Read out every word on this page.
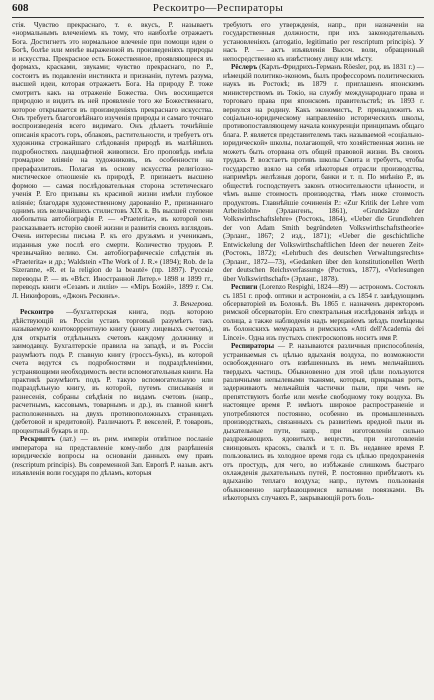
608	Рескоитро—Респираторы

стія. Чувство прекраснаго, т. е. вкусъ, Р. называетъ «нормальнымъ влеченіемъ къ тому, что наиболѣе отражаетъ Бога. Достигнетъ это нормальное влеченіе при помощи идеи о Богѣ, болѣе или менѣе выраженной въ произведеніяхъ природы и искусства. Прекрасное есть Божественное, проявляющееся въ формахъ, красками, звуками; чувство прекраснаго, по Р., состоитъ въ подавленіи инстинкта и признаніи, путемъ разума, высшей идеи, которая отражаетъ Бога. На природу Р. тоже смотритъ какъ на отраженіе Божества. Онъ восхищается природою и видитъ въ ней проявленіе того же Божественнаго, которое открывается въ произведеніяхъ прекраснаго искусства. Онъ требуетъ благоговѣйнаго изученія природы и самаго точнаго воспроизведенія всего видимаго. Онъ дѣлаетъ точнѣйшіе описанія красотъ горъ, облаковъ, растительности, и требуетъ отъ художника строжайшаго слѣдованія природѣ въ малѣйшихъ подробностяхъ ландшафтной живописи. Его проповѣдь имѣла громадное вліяніе на художниковъ, въ особенности на прерафаэлитовъ. Полагая въ основу искусства религіозно-мистическое отношеніе къ природѣ, Р. признаетъ высшею формою — самая послѣдовательная сторона эстетическаго ученія Р. Его призывы къ красивой жизни имѣли глубокое вліяніе; благодаря художественному дарованію Р., признаннаго однимъ изъ величайшихъ стилистовъ XIX в. Въ высшей степени любопытна автобіографія Р. — «Praeterita», въ которой онъ разсказываетъ исторію своей жизни и развитія своихъ взглядовъ. Очень интересны письма Р. къ его друзьямъ и ученикамъ, изданныя уже послѣ его смерти. Количество трудовъ Р. чрезвычайно велико. См. автобіографическіе слѣдствія въ «Praeterita» и др.; Waldstein «The Work of J. R.» (1894); Rob. de la Sizeranne, «R. et la religion de la beauté» (пр. 1897). Русскіе переводы Р. — въ «Вѣст. Иностранной Литер.» 1898 и 1899 гг., переводъ книги «Сезамъ и лиліи» — «Міръ Божій», 1899 г. См. Л. Никифоровъ, «Джонъ Рескинъ».

З. Венгерова.

Рескоитро —бухгалтерская книга, подъ которою дѣйствующій въ Россіи уставъ торговый разумѣетъ такъ называемую контокоррентную книгу (книгу лицевыхъ счетовъ), для открытія отдѣльныхъ счетовъ каждому должнику и заимодавцу. Бухгалтерскіе правила на западѣ, и въ Россіи разумѣютъ подъ Р. главную книгу (гроссъ-букъ), въ которой счета ведутся съ подробностями и подраздѣленіями, устраняющими необходимость вести вспомогательныя книги. На практикѣ разумѣютъ подъ Р. такую вспомогательную или подраздѣльную книгу, въ которой, путемъ списыванія и разнесенія, собраны свѣдѣнія по видамъ счетовъ (напр., расчетнымъ, кассовымъ, товарнымъ и др.), въ главной книгѣ расположенныхъ на двухъ противоположныхъ страницахъ (дебетовой и кредитовой). Различаютъ Р. векселей, Р. товаровъ, процентный букаръ и пр.

Рескриптъ (лат.) — въ рим. имперіи отвѣтное посланіе императора на представленіе кому-либо для разрѣшенія юридическіе вопросы на основаніи данныхъ ему правъ (rescriptum principis). Въ современной Зап. Европѣ Р. назыв. актъ изъявленія воли государя по дѣламъ, которыя

требуютъ его утвержденія, напр., при назначеніи на государственныя должности, при ихъ законодательныхъ установленіяхъ (arrogatio, legitimatio per rescriptum principis). У насъ Р. — актъ изъявленія Высоч. воли, обращенный непосредственно къ извѣстному лицу или мѣсту.

Рёслеръ (Карлъ-Фридрихъ-Германъ Röesler, род. въ 1831 г.) — нѣмецкій политико-экономъ, былъ профессоромъ политическихъ наукъ въ Ростокѣ; въ 1879 г. приглашенъ японскимъ министерствомъ въ Токіо, на службу международнаго права и торговаго права при японскомъ правительствѣ; въ 1893 г. вернулся на родину. Какъ экономистъ, Р. принадлежитъ къ соціально-юридическому направленію историческихъ школы, противопоставляющему начала конкуренціи принципамъ общаго блага. Р. является представителемъ такъ называемой «соціально-юридической» школы, полагающей, что хозяйственная жизнь не можетъ быть оторвана отъ общей правовой жизни. Въ своихъ трудахъ Р. возстаетъ противъ школы Смита и требуетъ, чтобы государство взяло на себя нѣкоторыя отрасли производства, напримѣръ желѣзныя дороги, банки и т. п. По мнѣнію Р., въ обществѣ господствуетъ законъ относительности цѣнности, и чѣмъ выше стоимость производства, тѣмъ ниже стоимость продуктовъ. Главнѣйшіе сочиненія Р.: «Zur Kritik der Lehre vom Arbeitslohn» (Эрлангенъ, 1861), «Grundsätze der Volkswirthschaftslehre» (Ростокъ, 1864), «Ueber die Grundlehren der von Adam Smith begründeten Volkswirthschaftstheorie» (Эрланг., 1867; 2 изд., 1871); «Ueber die geschichtliche Entwickelung der Volkswirthschaftlichen Ideen der neueren Zeit» (Ростокъ, 1872); «Lehrbuch des deutschen Verwaltungsrechts» (Эрланг., 1872—73), «Gedanken über den konstitutionellen Werth der deutschen Reichsverfassung» (Ростокъ, 1877), «Vorlesungen über Volkswirthschaft» (Эрланг., 1878).

Респиги (Lorenzo Respighi, 1824—89) — астрономъ. Состоялъ съ 1851 г. проф. оптики и астрономіи, а съ 1854 г. завѣдующимъ обсерваторіей въ Болоньѣ. Въ 1865 г. назначенъ директоромъ римской обсерваторіи. Его спектральныя изслѣдованія звѣздъ и солнца, а также наблюденія надъ мерцаніемъ звѣздъ помѣщены въ болонскихъ мемуарахъ и римскихъ «Atti dell'Academia dei Lincei». Одна изъ пустыхъ спектроскоповъ носитъ имя Р.

Респираторы — Р. называются различныя приспособленія, устраиваемыя съ цѣлью вдыханія воздуха, по возможности освобожденнаго отъ взвѣшенныхъ въ немъ мельчайшихъ твердыхъ частицъ. Обыкновенно для этой цѣли пользуются различными непылевыми тканями, которыя, прикрывая ротъ, задерживаютъ мельчайшія частички пыли, при чемъ не препятствуютъ болѣе или менѣе свободному току воздуха. Въ настоящее время Р. имѣютъ широкое распространеніе и употребляются постоянно, особенно въ промышленныхъ производствахъ, связанныхъ съ развитіемъ вредной пыли въ дыхательные пути, напр., при изготовленіи сильно раздражающихъ ядовитыхъ веществъ, при изготовленіи свинцовыхъ красокъ, свалкѣ и т. п. Въ недавнее время Р. пользовались въ холодное время года съ цѣлью предохраненія отъ простудъ, для чего, во избѣжаніе слишкомъ быстраго охлажденія дыхательныхъ путей, Р. постоянно прибѣгаютъ къ вдыханію теплаго воздуха; напр., путемъ пользованія обыкновенно нагрѣвающимися ватными повязками. Въ нѣкоторыхъ случаяхъ Р., закрывающій ротъ боль-
